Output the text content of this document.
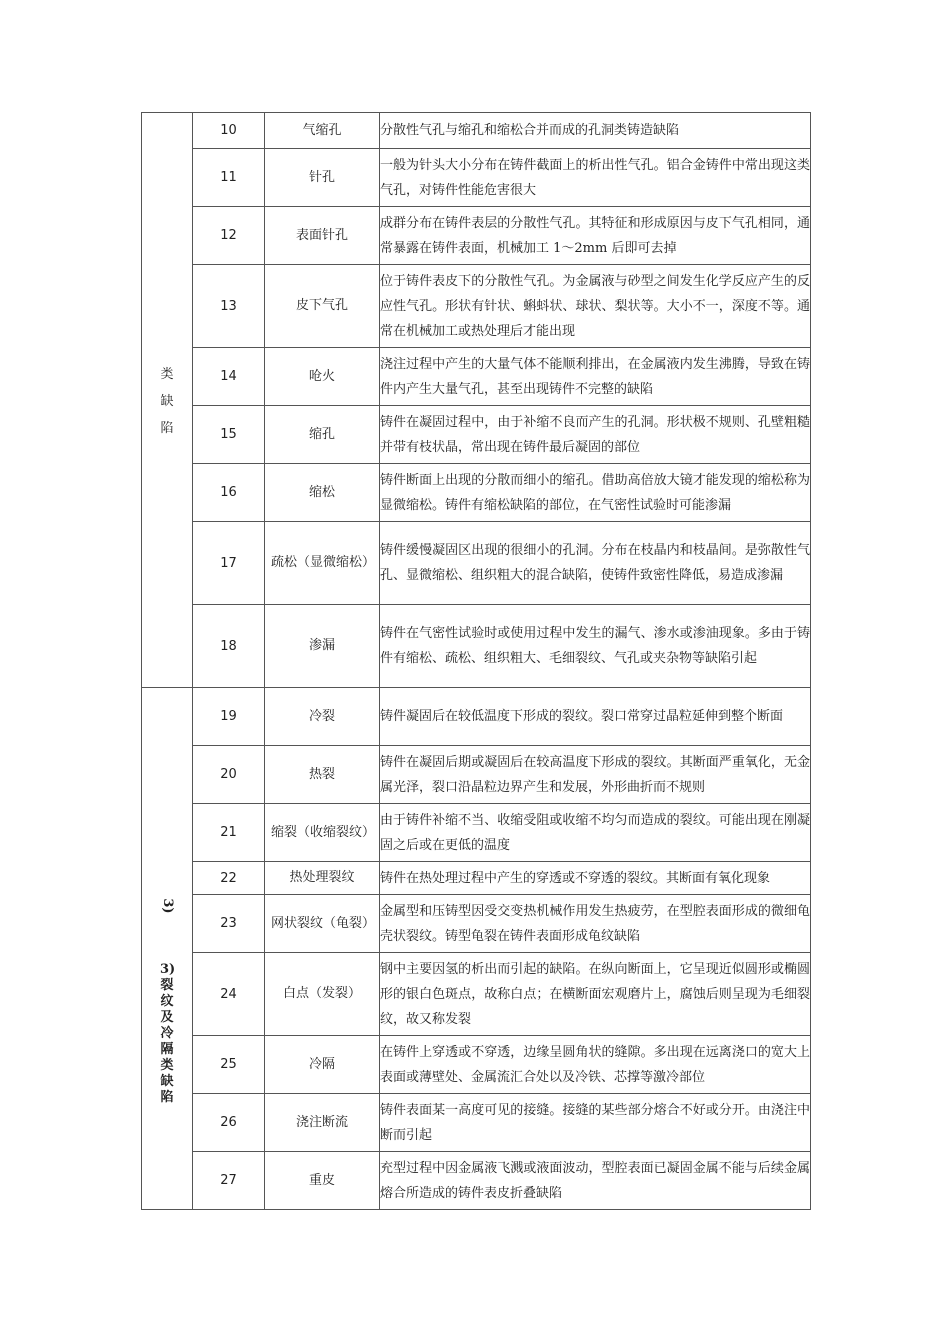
类缺陷	10	气缩孔	分散性气孔与缩孔和缩松合并而成的孔洞类铸造缺陷
	11	针孔	一般为针头大小分布在铸件截面上的析出性气孔。铝合金铸件中常出现这类气孔，对铸件性能危害很大
	12	表面针孔	成群分布在铸件表层的分散性气孔。其特征和形成原因与皮下气孔相同，通常暴露在铸件表面，机械加工 1～2mm 后即可去掉
	13	皮下气孔	位于铸件表皮下的分散性气孔。为金属液与砂型之间发生化学反应产生的反应性气孔。形状有针状、蝌蚪状、球状、梨状等。大小不一，深度不等。通常在机械加工或热处理后才能出现
	14	呛火	浇注过程中产生的大量气体不能顺利排出，在金属液内发生沸腾，导致在铸件内产生大量气孔，甚至出现铸件不完整的缺陷
	15	缩孔	铸件在凝固过程中，由于补缩不良而产生的孔洞。形状极不规则、孔壁粗糙并带有枝状晶，常出现在铸件最后凝固的部位
	16	缩松	铸件断面上出现的分散而细小的缩孔。借助高倍放大镜才能发现的缩松称为显微缩松。铸件有缩松缺陷的部位，在气密性试验时可能渗漏
	17	疏松（显微缩松）	铸件缓慢凝固区出现的很细小的孔洞。分布在枝晶内和枝晶间。是弥散性气孔、显微缩松、组织粗大的混合缺陷，使铸件致密性降低，易造成渗漏
	18	渗漏	铸件在气密性试验时或使用过程中发生的漏气、渗水或渗油现象。多由于铸件有缩松、疏松、组织粗大、毛细裂纹、气孔或夹杂物等缺陷引起

3)
3)裂纹及冷隔类缺陷	19	冷裂	铸件凝固后在较低温度下形成的裂纹。裂口常穿过晶粒延伸到整个断面
	20	热裂	铸件在凝固后期或凝固后在较高温度下形成的裂纹。其断面严重氧化，无金属光泽，裂口沿晶粒边界产生和发展，外形曲折而不规则
	21	缩裂（收缩裂纹）	由于铸件补缩不当、收缩受阻或收缩不均匀而造成的裂纹。可能出现在刚凝固之后或在更低的温度
	22	热处理裂纹	铸件在热处理过程中产生的穿透或不穿透的裂纹。其断面有氧化现象
	23	网状裂纹（龟裂）	金属型和压铸型因受交变热机械作用发生热疲劳，在型腔表面形成的微细龟壳状裂纹。铸型龟裂在铸件表面形成龟纹缺陷
	24	白点（发裂）	钢中主要因氢的析出而引起的缺陷。在纵向断面上，它呈现近似圆形或椭圆形的银白色斑点，故称白点；在横断面宏观磨片上，腐蚀后则呈现为毛细裂纹，故又称发裂
	25	冷隔	在铸件上穿透或不穿透，边缘呈圆角状的缝隙。多出现在远离浇口的宽大上表面或薄壁处、金属流汇合处以及冷铁、芯撑等激冷部位
	26	浇注断流	铸件表面某一高度可见的接缝。接缝的某些部分熔合不好或分开。由浇注中断而引起
	27	重皮	充型过程中因金属液飞溅或液面波动，型腔表面已凝固金属不能与后续金属熔合所造成的铸件表皮折叠缺陷
